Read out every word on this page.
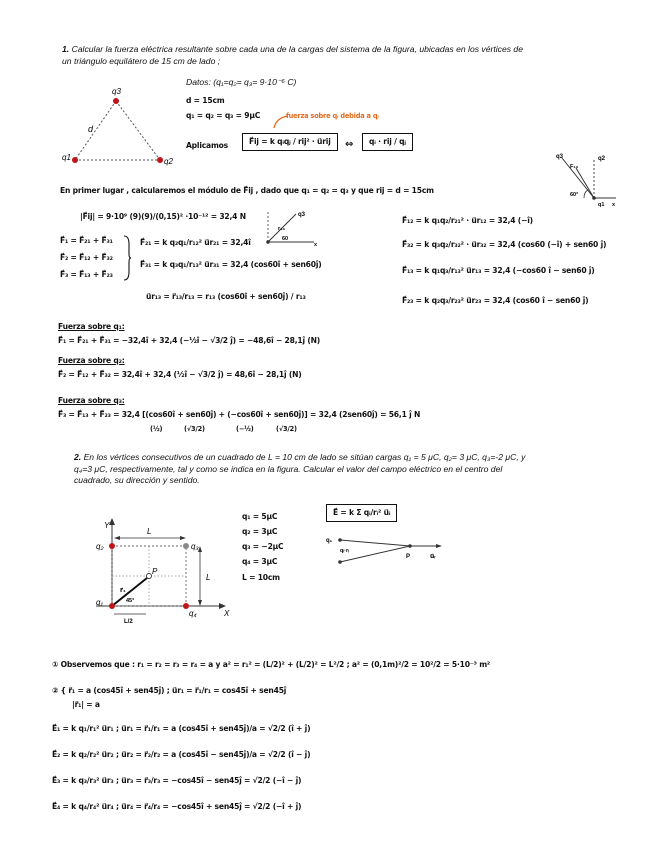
1. Calcular la fuerza eléctrica resultante sobre cada una de la cargas del sistema de la figura, ubicadas en los vértices de un triángulo equilátero de 15 cm de lado ;
Datos: (q₁=q₂= q₃= 9·10⁻⁶ C)
q3
q1	q2
d
d = 15cm
q₁ = q₂ = q₃ = 9μC	fuerza sobre qᵢ debida a qⱼ
Aplicamos	F⃗ij = k qᵢqⱼ / rij² · u⃗rij	⇔	qᵢ · rij / qⱼ
q3	q2
F₁₃
60°
q1 x
En primer lugar , calcularemos el módulo de F⃗ij , dado que q₁ = q₂ = q₃ y que rij = d = 15cm
|F⃗ij| = 9·10⁹ (9)(9)/(0,15)² ·10⁻¹² = 32,4 N	q3
r₁₃
60
x
F⃗₁ = F⃗₂₁ + F⃗₃₁
F⃗₂ = F⃗₁₂ + F⃗₃₂
F⃗₃ = F⃗₁₃ + F⃗₂₃
F⃗₂₁ = k q₂q₁/r₁₂² u⃗r₂₁ = 32,4î
F⃗₃₁ = k q₃q₁/r₁₃² u⃗r₃₁ = 32,4 (cos60î + sen60ĵ)
u⃗r₁₃ = r⃗₁₃/r₁₃ = r₁₃ (cos60î + sen60ĵ) / r₁₃
F⃗₁₂ = k q₁q₂/r₂₁² · u⃗r₁₂ = 32,4 (−î)
F⃗₃₂ = k q₃q₂/r₃₂² · u⃗r₃₂ = 32,4 (cos60 (−î) + sen60 ĵ)
F⃗₁₃ = k q₁q₃/r₁₃² u⃗r₁₃ = 32,4 (−cos60 î − sen60 ĵ)
F⃗₂₃ = k q₂q₃/r₂₃² u⃗r₂₃ = 32,4 (cos60 î − sen60 ĵ)
Fuerza sobre q₁:
F⃗₁ = F⃗₂₁ + F⃗₃₁ = −32,4î + 32,4 (−½î − √3/2 ĵ) = −48,6î − 28,1ĵ (N)
Fuerza sobre q₂:
F⃗₂ = F⃗₁₂ + F⃗₃₂ = 32,4î + 32,4 (½î − √3/2 ĵ) = 48,6î − 28,1ĵ (N)
Fuerza sobre q₃:
F⃗₃ = F⃗₁₃ + F⃗₂₃ = 32,4 [(cos60î + sen60ĵ) + (−cos60î + sen60ĵ)] = 32,4 (2sen60ĵ) = 56,1 ĵ N
(½)	(√3/2)	(−½)	(√3/2)
2. En los vértices consecutivos de un cuadrado de L = 10 cm de lado se sitúan cargas q₁ = 5 μC, q₂= 3 μC, q₃=-2 μC, y q₄=3 μC, respectivamente, tal y como se indica en la figura. Calcular el valor del campo eléctrico en el centro del cuadrado, su dirección y sentido.
Y
X
q₂	q₃
q₁
q₄
L
L
P
r⃗₁
45°
L/2
q₁ = 5μC
q₂ = 3μC
q₃ = −2μC
q₄ = 3μC
L = 10cm
E⃗ = k Σ qᵢ/rᵢ² u⃗ᵢ
q₁
qᵢ·rᵢ
P	u⃗ᵣ
① Observemos que : r₁ = r₂ = r₃ = r₄ = a y a² = r₁² = (L/2)² + (L/2)² = L²/2 ; a² = (0,1m)²/2 = 10²/2 = 5·10⁻³ m²
② { r⃗₁ = a (cos45î + sen45ĵ) ; u⃗r₁ = r⃗₁/r₁ = cos45î + sen45ĵ
|r⃗₁| = a
E⃗₁ = k q₁/r₁² u⃗r₁ ; u⃗r₁ = r⃗₁/r₁ = a (cos45î + sen45ĵ)/a = √2/2 (î + ĵ)
E⃗₂ = k q₂/r₂² u⃗r₂ ; u⃗r₂ = r⃗₂/r₂ = a (cos45î − sen45ĵ)/a = √2/2 (î − ĵ)
E⃗₃ = k q₃/r₃² u⃗r₃ ; u⃗r₃ = r⃗₃/r₃ = −cos45î − sen45ĵ = √2/2 (−î − ĵ)
E⃗₄ = k q₄/r₄² u⃗r₄ ; u⃗r₄ = r⃗₄/r₄ = −cos45î + sen45ĵ = √2/2 (−î + ĵ)
